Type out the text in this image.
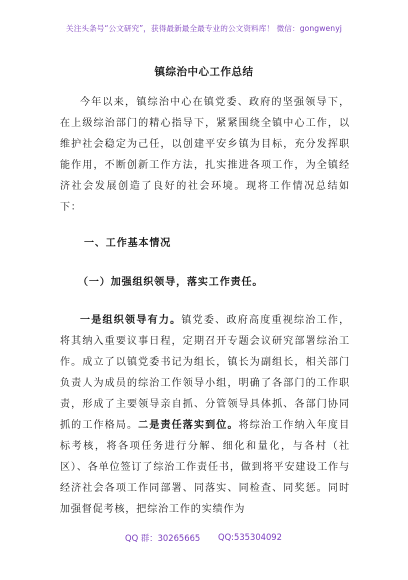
关注头条号“公文研究”，获得最新最全最专业的公文资料库！ 微信：gongwenyj
镇综治中心工作总结

今年以来，镇综治中心在镇党委、政府的坚强领导下，在上级综治部门的精心指导下，紧紧围绕全镇中心工作，以维护社会稳定为己任，以创建平安乡镇为目标，充分发挥职能作用，不断创新工作方法，扎实推进各项工作，为全镇经济社会发展创造了良好的社会环境。现将工作情况总结如下：

一、工作基本情况

（一）加强组织领导，落实工作责任。

一是组织领导有力。镇党委、政府高度重视综治工作，将其纳入重要议事日程，定期召开专题会议研究部署综治工作。成立了以镇党委书记为组长，镇长为副组长，相关部门负责人为成员的综治工作领导小组，明确了各部门的工作职责，形成了主要领导亲自抓、分管领导具体抓、各部门协同抓的工作格局。二是责任落实到位。将综治工作纳入年度目标考核，将各项任务进行分解、细化和量化，与各村（社区）、各单位签订了综治工作责任书，做到将平安建设工作与经济社会各项工作同部署、同落实、同检查、同奖惩。同时加强督促考核，把综治工作的实绩作为

QQ 群：30265665 QQ:535304092
